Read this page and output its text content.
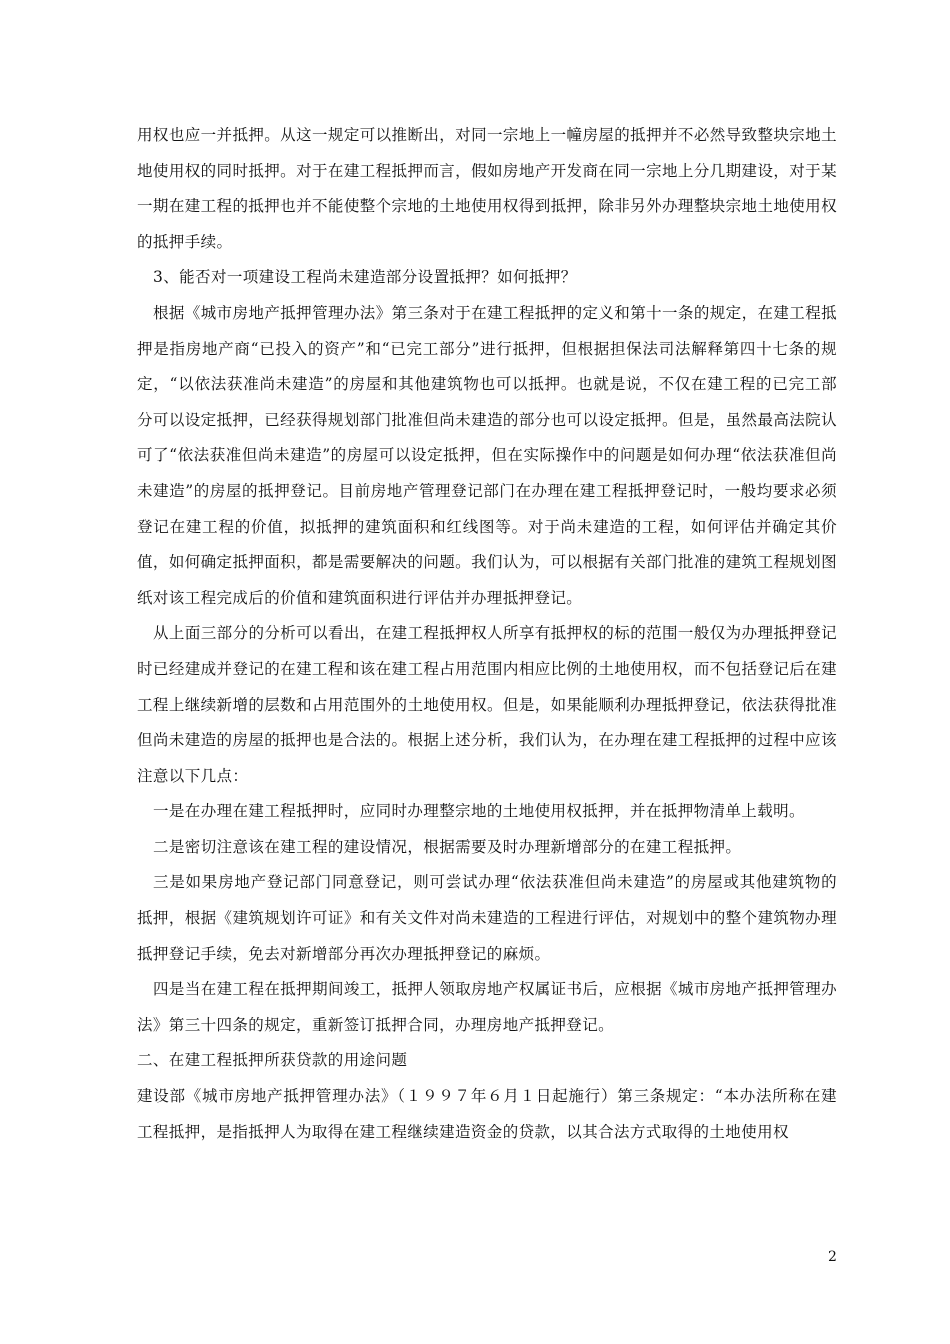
用权也应一并抵押。从这一规定可以推断出，对同一宗地上一幢房屋的抵押并不必然导致整块宗地土地使用权的同时抵押。对于在建工程抵押而言，假如房地产开发商在同一宗地上分几期建设，对于某一期在建工程的抵押也并不能使整个宗地的土地使用权得到抵押，除非另外办理整块宗地土地使用权的抵押手续。

3、能否对一项建设工程尚未建造部分设置抵押？如何抵押？

根据《城市房地产抵押管理办法》第三条对于在建工程抵押的定义和第十一条的规定，在建工程抵押是指房地产商“已投入的资产”和“已完工部分”进行抵押，但根据担保法司法解释第四十七条的规定，“以依法获准尚未建造”的房屋和其他建筑物也可以抵押。也就是说，不仅在建工程的已完工部分可以设定抵押，已经获得规划部门批准但尚未建造的部分也可以设定抵押。但是，虽然最高法院认可了“依法获准但尚未建造”的房屋可以设定抵押，但在实际操作中的问题是如何办理“依法获准但尚未建造”的房屋的抵押登记。目前房地产管理登记部门在办理在建工程抵押登记时，一般均要求必须登记在建工程的价值，拟抵押的建筑面积和红线图等。对于尚未建造的工程，如何评估并确定其价值，如何确定抵押面积，都是需要解决的问题。我们认为，可以根据有关部门批准的建筑工程规划图纸对该工程完成后的价值和建筑面积进行评估并办理抵押登记。

从上面三部分的分析可以看出，在建工程抵押权人所享有抵押权的标的范围一般仅为办理抵押登记时已经建成并登记的在建工程和该在建工程占用范围内相应比例的土地使用权，而不包括登记后在建工程上继续新增的层数和占用范围外的土地使用权。但是，如果能顺利办理抵押登记，依法获得批准但尚未建造的房屋的抵押也是合法的。根据上述分析，我们认为，在办理在建工程抵押的过程中应该注意以下几点：

一是在办理在建工程抵押时，应同时办理整宗地的土地使用权抵押，并在抵押物清单上载明。

二是密切注意该在建工程的建设情况，根据需要及时办理新增部分的在建工程抵押。

三是如果房地产登记部门同意登记，则可尝试办理“依法获准但尚未建造”的房屋或其他建筑物的抵押，根据《建筑规划许可证》和有关文件对尚未建造的工程进行评估，对规划中的整个建筑物办理抵押登记手续，免去对新增部分再次办理抵押登记的麻烦。

四是当在建工程在抵押期间竣工，抵押人领取房地产权属证书后，应根据《城市房地产抵押管理办法》第三十四条的规定，重新签订抵押合同，办理房地产抵押登记。

二、在建工程抵押所获贷款的用途问题

建设部《城市房地产抵押管理办法》（１９９７年６月１日起施行）第三条规定：“本办法所称在建工程抵押，是指抵押人为取得在建工程继续建造资金的贷款，以其合法方式取得的土地使用权

2
